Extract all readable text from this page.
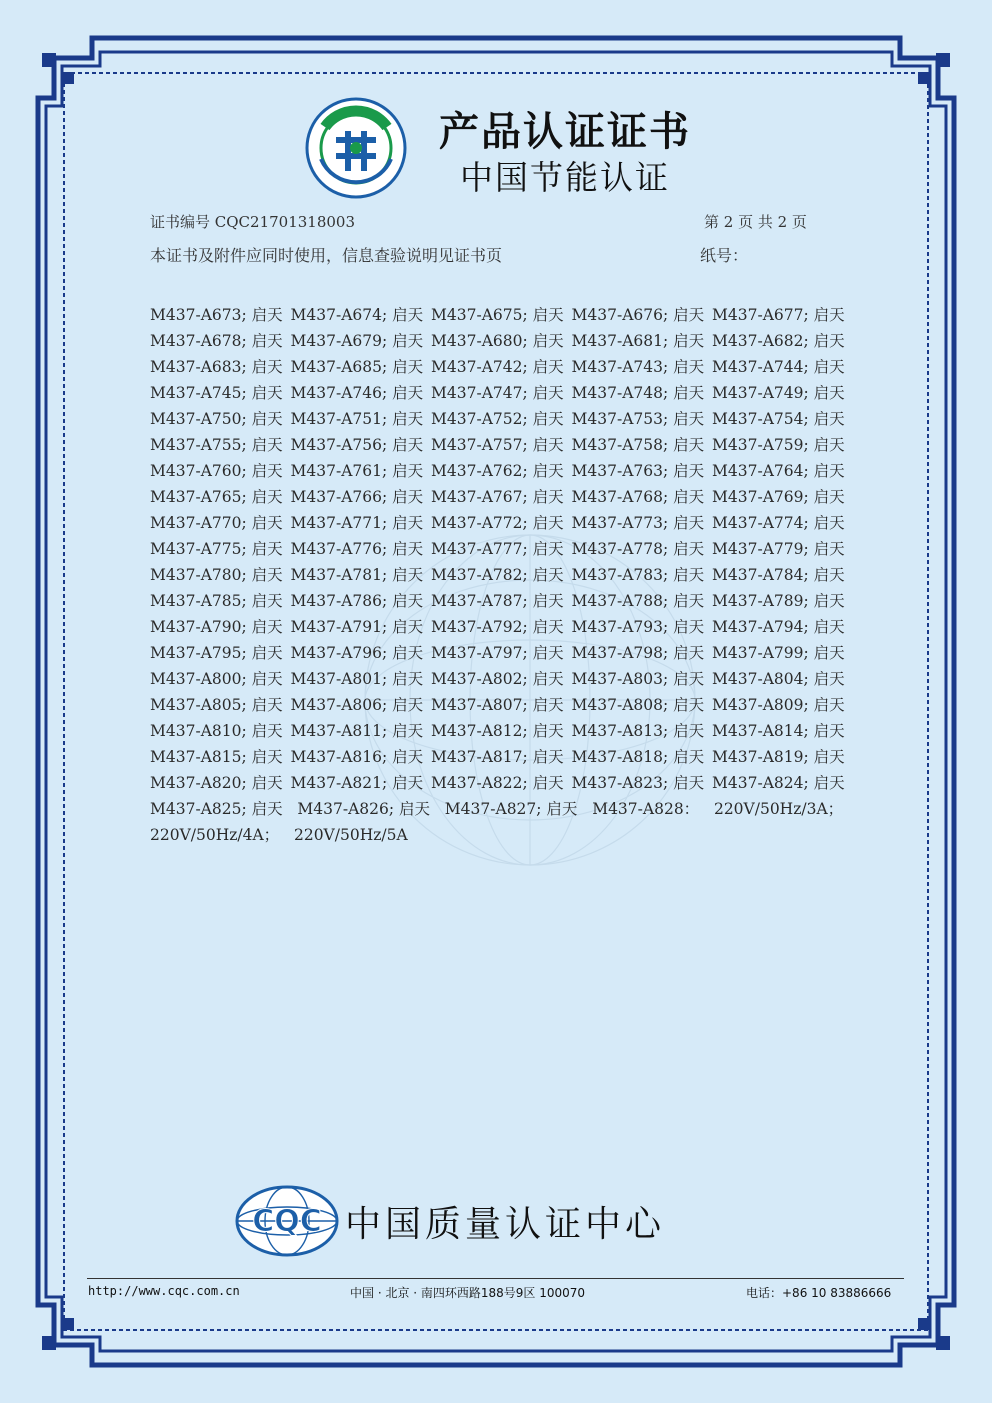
产品认证证书
中国节能认证
证书编号 CQC21701318003	第 2 页 共 2 页
本证书及附件应同时使用，信息查验说明见证书页	纸号：
M437-A673; 启天 M437-A674; 启天 M437-A675; 启天 M437-A676; 启天 M437-A677; 启天
M437-A678; 启天 M437-A679; 启天 M437-A680; 启天 M437-A681; 启天 M437-A682; 启天
M437-A683; 启天 M437-A685; 启天 M437-A742; 启天 M437-A743; 启天 M437-A744; 启天
M437-A745; 启天 M437-A746; 启天 M437-A747; 启天 M437-A748; 启天 M437-A749; 启天
M437-A750; 启天 M437-A751; 启天 M437-A752; 启天 M437-A753; 启天 M437-A754; 启天
M437-A755; 启天 M437-A756; 启天 M437-A757; 启天 M437-A758; 启天 M437-A759; 启天
M437-A760; 启天 M437-A761; 启天 M437-A762; 启天 M437-A763; 启天 M437-A764; 启天
M437-A765; 启天 M437-A766; 启天 M437-A767; 启天 M437-A768; 启天 M437-A769; 启天
M437-A770; 启天 M437-A771; 启天 M437-A772; 启天 M437-A773; 启天 M437-A774; 启天
M437-A775; 启天 M437-A776; 启天 M437-A777; 启天 M437-A778; 启天 M437-A779; 启天
M437-A780; 启天 M437-A781; 启天 M437-A782; 启天 M437-A783; 启天 M437-A784; 启天
M437-A785; 启天 M437-A786; 启天 M437-A787; 启天 M437-A788; 启天 M437-A789; 启天
M437-A790; 启天 M437-A791; 启天 M437-A792; 启天 M437-A793; 启天 M437-A794; 启天
M437-A795; 启天 M437-A796; 启天 M437-A797; 启天 M437-A798; 启天 M437-A799; 启天
M437-A800; 启天 M437-A801; 启天 M437-A802; 启天 M437-A803; 启天 M437-A804; 启天
M437-A805; 启天 M437-A806; 启天 M437-A807; 启天 M437-A808; 启天 M437-A809; 启天
M437-A810; 启天 M437-A811; 启天 M437-A812; 启天 M437-A813; 启天 M437-A814; 启天
M437-A815; 启天 M437-A816; 启天 M437-A817; 启天 M437-A818; 启天 M437-A819; 启天
M437-A820; 启天 M437-A821; 启天 M437-A822; 启天 M437-A823; 启天 M437-A824; 启天
M437-A825; 启天   M437-A826; 启天   M437-A827; 启天   M437-A828：   220V/50Hz/3A；
220V/50Hz/4A；   220V/50Hz/5A
CQC 中国质量认证中心
http://www.cqc.com.cn	中国 · 北京 · 南四环西路188号9区 100070	电话：+86 10 83886666
